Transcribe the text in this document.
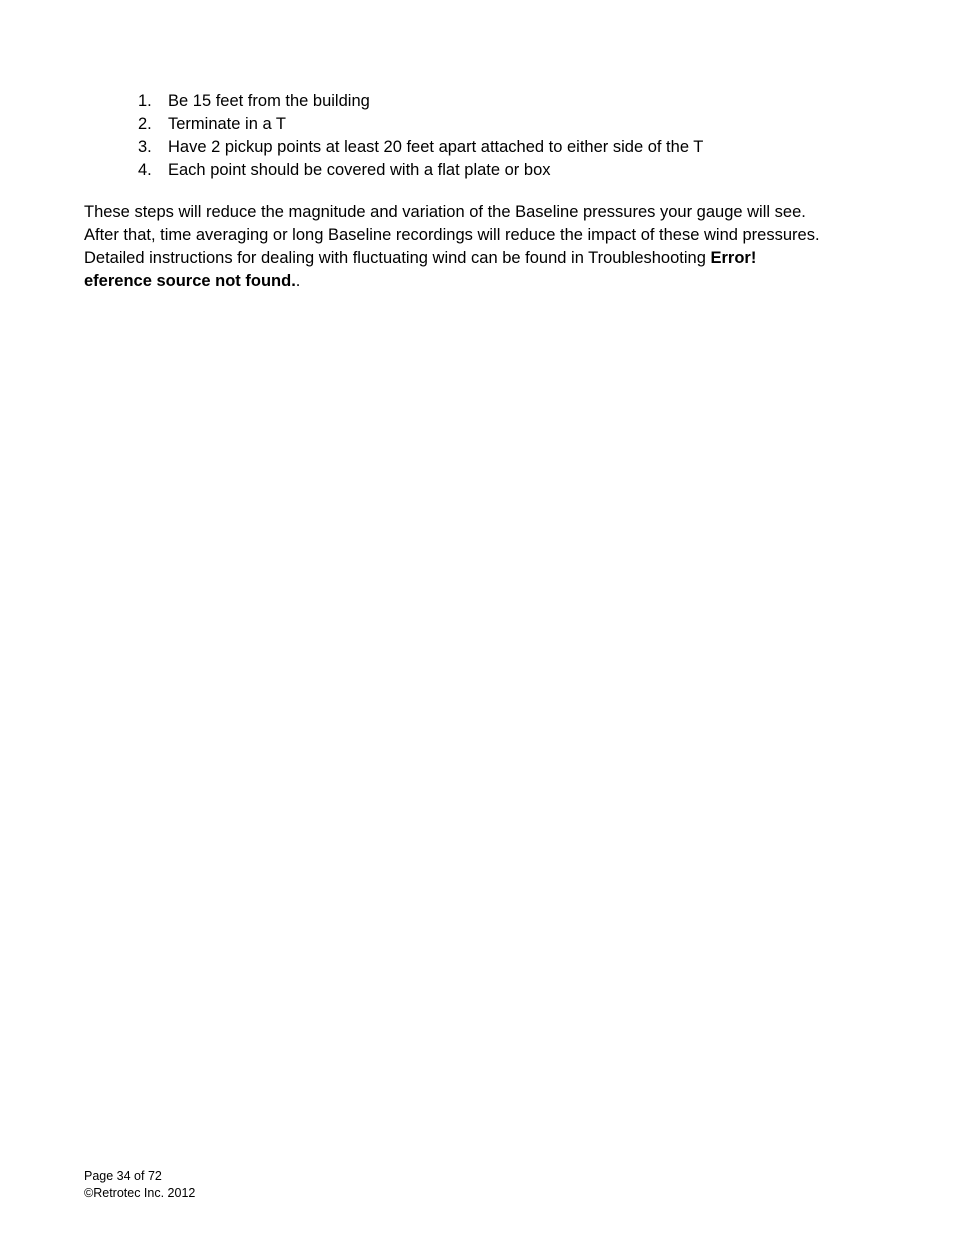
1. Be 15 feet from the building
2. Terminate in a T
3. Have 2 pickup points at least 20 feet apart attached to either side of the T
4. Each point should be covered with a flat plate or box

These steps will reduce the magnitude and variation of the Baseline pressures your gauge will see.
After that, time averaging or long Baseline recordings will reduce the impact of these wind pressures.
Detailed instructions for dealing with fluctuating wind can be found in Troubleshooting Error!
eference source not found..

Page 34 of 72
©Retrotec Inc. 2012
